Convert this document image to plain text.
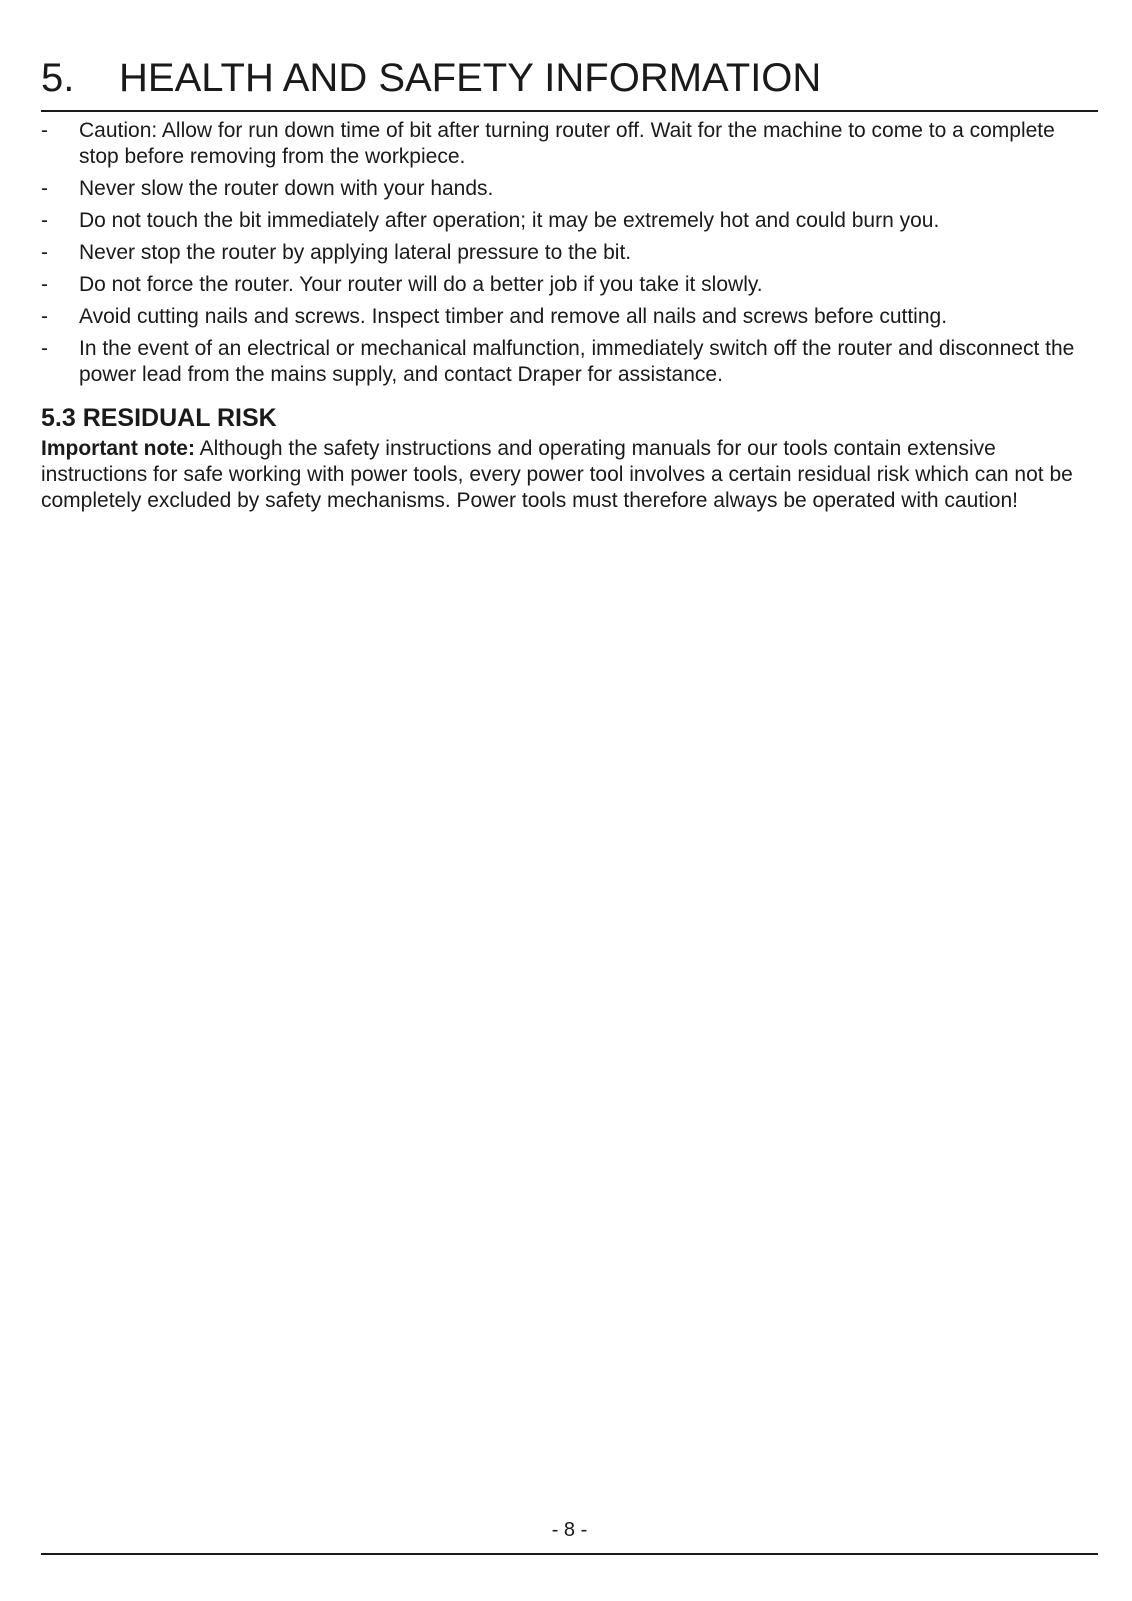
5. HEALTH AND SAFETY INFORMATION
- Caution: Allow for run down time of bit after turning router off. Wait for the machine to come to a complete stop before removing from the workpiece.
- Never slow the router down with your hands.
- Do not touch the bit immediately after operation; it may be extremely hot and could burn you.
- Never stop the router by applying lateral pressure to the bit.
- Do not force the router. Your router will do a better job if you take it slowly.
- Avoid cutting nails and screws. Inspect timber and remove all nails and screws before cutting.
- In the event of an electrical or mechanical malfunction, immediately switch off the router and disconnect the power lead from the mains supply, and contact Draper for assistance.
5.3 RESIDUAL RISK

Important note: Although the safety instructions and operating manuals for our tools contain extensive instructions for safe working with power tools, every power tool involves a certain residual risk which can not be completely excluded by safety mechanisms. Power tools must therefore always be operated with caution!

- 8 -
